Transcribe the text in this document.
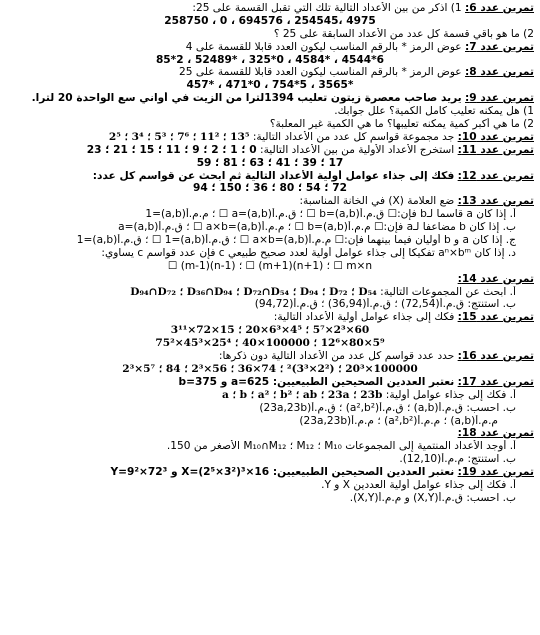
تمرين عدد 6: 1) اذكر من بين الأعداد التالية تلك التي تقبل القسمة على 25:
258750 ، 0 ، 694576 ، 254545، 4975
2) ما هو باقي قسمة كل عدد من الأعداد السابقة على 25 ؟
تمرين عدد 7: عوض الرمز * بالرقم المناسب ليكون العدد قابلا للقسمة على 4
85*2 ، 52489* ، 325*0 ، 4584* ، 4544*6
تمرين عدد 8: عوض الرمز * بالرقم المناسب ليكون العدد قابلا للقسمة على 25
457* ، 471*0 ، 754*5 ، 3565*
تمرين عدد 9: يريد صاحب معصرة زيتون تعليب 1394لترا من الزيت في أواني سع الواحدة 20 لترا.
1) هل يمكنه تعليب كامل الكمية؟ علل جوابك.
2) ما هي أكبر كمية يمكنه تعليبها؟ ما هي الكمية غير المعلبة؟
تمرين عدد 10: جد مجموعة قواسم كل عدد من الأعداد التالية: 13⁵ ؛ 11² ؛ 7⁶ ؛ 5³ ؛ 3⁴ ؛ 2⁵
تمرين عدد 11: استخرج الأعداد الأولية من بين الأعداد التالية: 0 ؛ 1 ؛ 2 ؛ 9 ؛ 11 ؛ 15 ؛ 21 ؛ 23
17 ؛ 39 ؛ 41 ؛ 63 ؛ 81 ؛ 59
تمرين عدد 12: فكك إلى جذاء عوامل أولية الأعداد التالية ثم ابحث عن قواسم كل عدد:
72 ؛ 54 ؛ 80 ؛ 36 ؛ 150 ؛ 94
تمرين عدد 13: ضع العلامة (X) في الخانة المناسبة:
أ. إذا كان a قاسما لـb فإن:☐ ق.م.أ(a,b)=b ☐ ؛ ق.م.أ(a,b)=a ☐ ؛ م.م.أ(a,b)=1
ب. إذا كان b مضاعفا لـa فإن:☐ م.م.أ(a,b)=b ☐ ؛ م.م.أ(a,b)=a×b ☐ ؛ ق.م.أ(a,b)=a
ج. إذا كان a و b أوليان فيما بينهما فإن:☐ م.م.أ(a,b)=a×b ☐ ؛ ق.م.أ(a,b)=1 ☐ ؛ ق.م.أ(a,b)=1
د. إذا كان aⁿ×bᵐ تفكيكا إلى جذاء عوامل أولية لعدد صحيح طبيعي c فإن عدد قواسم c يساوي:
m×n ☐ ؛ (n+1)(m+1) ☐ ؛ (n-1)(m-1) ☐
تمرين عدد 14:
أ. ابحث عن المجموعات التالية: D₅₄ ؛ D₇₂ ؛ D₉₄ ؛ D₇₂∩D₅₄ ؛ D₃₆∩D₉₄ ؛ D₉₄∩D₇₂
ب. استنتج: ق.م.أ(72,54) ؛ ق.م.أ(36,94) ؛ ق.م.أ(94,72)
تمرين عدد 15: فكك إلى جذاء عوامل أولية الأعداد التالية:
60×2³×5⁷ ؛ 4⁵×6³×20 ؛ 15×72×3¹¹
5⁹×80×12⁶ ؛ 100000×40 ؛ 25⁴×45³×75²
تمرين عدد 16: حدد عدد قواسم كل عدد من الأعداد التالية دون ذكرها:
100000×20³ ؛ (2²×3³)² ؛ 74×36 ؛ 56×2³ ؛ 84 ؛ 5⁷×2³
تمرين عدد 17: نعتبر العددين الصحيحين الطبيعيين: a=625 و b=375
أ. فكك إلى جذاء عوامل أولية: 23b ؛ 23a ؛ ab ؛ b² ؛ a² ؛ b ؛ a
ب. احسب: ق.م.أ(a,b) ؛ ق.م.أ(a²,b²) ؛ ق.م.أ(23a,23b)
م.م.أ(a,b) ؛ م.م.أ(a²,b²) ؛ م.م.أ(23a,23b)
تمرين عدد 18:
أ. أوجد الأعداد المنتمية إلى المجموعات M₁₀ ؛ M₁₂ ؛ M₁₀∩M₁₂ الأصغر من 150.
ب. استنتج: م.م.أ(12,10).
تمرين عدد 19: نعتبر العددين الصحيحين الطبيعيين: X=(2⁵×3²)³×16 و Y=9²×72³
أ. فكك إلى جذاء عوامل أولية العددين X و Y.
ب. احسب: ق.م.أ(X,Y) و م.م.أ(X,Y).
